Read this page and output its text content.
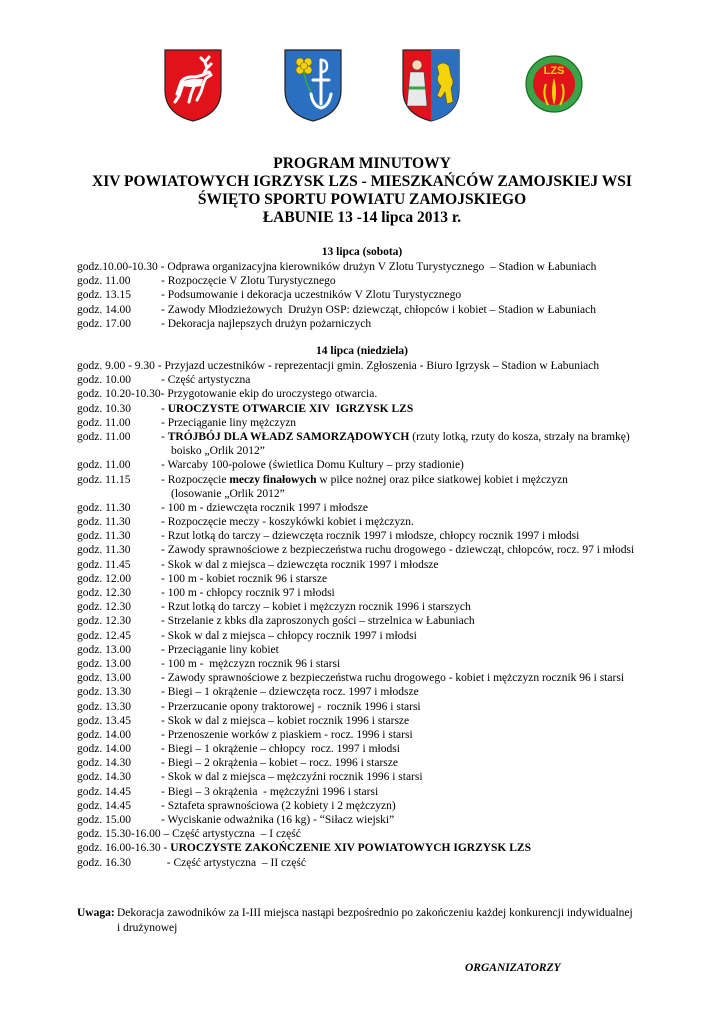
LZS
PROGRAM MINUTOWY
XIV POWIATOWYCH IGRZYSK LZS - MIESZKAŃCÓW ZAMOJSKIEJ WSI
ŚWIĘTO SPORTU POWIATU ZAMOJSKIEGO
ŁABUNIE 13 -14 lipca 2013 r.
13 lipca (sobota)
godz.10.00-10.30 - Odprawa organizacyjna kierowników drużyn V Zlotu Turystycznego  – Stadion w Łabuniach
godz. 11.00	- Rozpoczęcie V Zlotu Turystycznego
godz. 13.15	- Podsumowanie i dekoracja uczestników V Zlotu Turystycznego
godz. 14.00	- Zawody Młodzieżowych  Drużyn OSP: dziewcząt, chłopców i kobiet – Stadion w Łabuniach
godz. 17.00	- Dekoracja najlepszych drużyn pożarniczych
14 lipca (niedziela)
godz. 9.00 - 9.30 - Przyjazd uczestników - reprezentacji gmin. Zgłoszenia - Biuro Igrzysk – Stadion w Łabuniach
godz. 10.00	- Część artystyczna
godz. 10.20-10.30- Przygotowanie ekip do uroczystego otwarcia.
godz. 10.30	- UROCZYSTE OTWARCIE XIV  IGRZYSK LZS
godz. 11.00	- Przeciąganie liny mężczyzn
godz. 11.00	- TRÓJBÓJ DLA WŁADZ SAMORZĄDOWYCH (rzuty lotką, rzuty do kosza, strzały na bramkę)
boisko „Orlik 2012”
godz. 11.00	- Warcaby 100-polowe (świetlica Domu Kultury – przy stadionie)
godz. 11.15	- Rozpoczęcie meczy finałowych w piłce nożnej oraz piłce siatkowej kobiet i mężczyzn
(losowanie „Orlik 2012”
godz. 11.30	- 100 m - dziewczęta rocznik 1997 i młodsze
godz. 11.30	- Rozpoczęcie meczy - koszykówki kobiet i mężczyzn.
godz. 11.30	- Rzut lotką do tarczy – dziewczęta rocznik 1997 i młodsze, chłopcy rocznik 1997 i młodsi
godz. 11.30	- Zawody sprawnościowe z bezpieczeństwa ruchu drogowego - dziewcząt, chłopców, rocz. 97 i młodsi
godz. 11.45	- Skok w dal z miejsca – dziewczęta rocznik 1997 i młodsze
godz. 12.00	- 100 m - kobiet rocznik 96 i starsze
godz. 12.30	- 100 m - chłopcy rocznik 97 i młodsi
godz. 12.30	- Rzut lotką do tarczy – kobiet i mężczyzn rocznik 1996 i starszych
godz. 12.30	- Strzelanie z kbks dla zaproszonych gości – strzelnica w Łabuniach
godz. 12.45	- Skok w dal z miejsca – chłopcy rocznik 1997 i młodsi
godz. 13.00	- Przeciąganie liny kobiet
godz. 13.00	- 100 m -  mężczyzn rocznik 96 i starsi
godz. 13.00	- Zawody sprawnościowe z bezpieczeństwa ruchu drogowego - kobiet i mężczyzn rocznik 96 i starsi
godz. 13.30	- Biegi – 1 okrążenie – dziewczęta rocz. 1997 i młodsze
godz. 13.30	- Przerzucanie opony traktorowej -  rocznik 1996 i starsi
godz. 13.45	- Skok w dal z miejsca – kobiet rocznik 1996 i starsze
godz. 14.00	- Przenoszenie worków z piaskiem - rocz. 1996 i starsi
godz. 14.00	- Biegi – 1 okrążenie – chłopcy  rocz. 1997 i młodsi
godz. 14.30	- Biegi – 2 okrążenia – kobiet – rocz. 1996 i starsze
godz. 14.30	- Skok w dal z miejsca – mężczyźni rocznik 1996 i starsi
godz. 14.45	- Biegi – 3 okrążenia  - mężczyźni 1996 i starsi
godz. 14.45	- Sztafeta sprawnościowa (2 kobiety i 2 mężczyzn)
godz. 15.00	- Wyciskanie odważnika (16 kg) - “Siłacz wiejski”
godz. 15.30-16.00 – Część artystyczna  – I część
godz. 16.00-16.30 - UROCZYSTE ZAKOŃCZENIE XIV POWIATOWYCH IGRZYSK LZS
godz. 16.30	- Część artystyczna  – II część
Uwaga: Dekoracja zawodników za I-III miejsca nastąpi bezpośrednio po zakończeniu każdej konkurencji indywidualnej i drużynowej
ORGANIZATORZY
